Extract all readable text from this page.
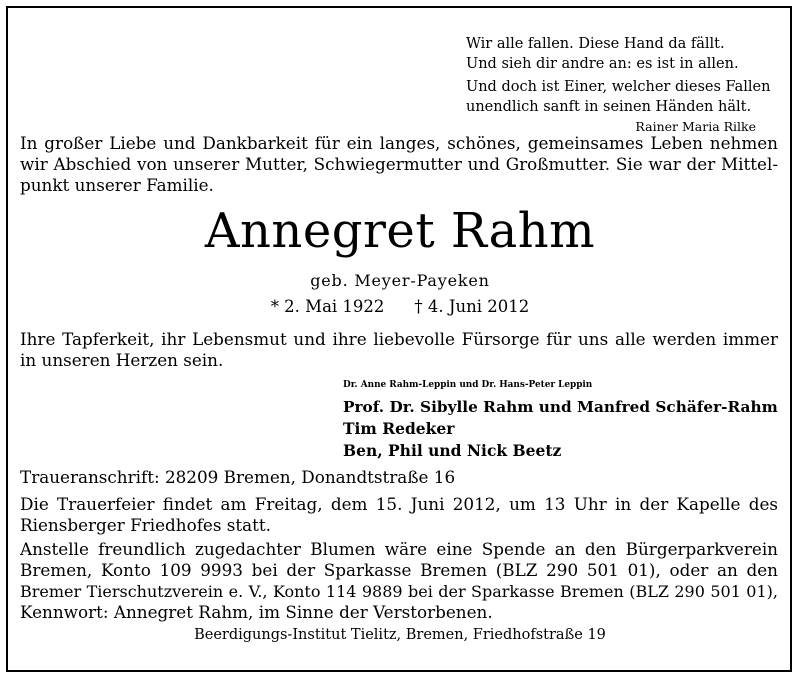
Wir alle fallen. Diese Hand da fällt.
Und sieh dir andre an: es ist in allen.
Und doch ist Einer, welcher dieses Fallen
unendlich sanft in seinen Händen hält.
Rainer Maria Rilke
In großer Liebe und Dankbarkeit für ein langes, schönes, gemeinsames Leben nehmen
wir Abschied von unserer Mutter, Schwiegermutter und Großmutter. Sie war der Mittel-
punkt unserer Familie.
Annegret Rahm
geb. Meyer-Payeken
* 2. Mai 1922 † 4. Juni 2012
Ihre Tapferkeit, ihr Lebensmut und ihre liebevolle Fürsorge für uns alle werden immer
in unseren Herzen sein.
Dr. Anne Rahm-Leppin und Dr. Hans-Peter Leppin
Prof. Dr. Sibylle Rahm und Manfred Schäfer-Rahm
Tim Redeker
Ben, Phil und Nick Beetz
Traueranschrift: 28209 Bremen, Donandtstraße 16
Die Trauerfeier findet am Freitag, dem 15. Juni 2012, um 13 Uhr in der Kapelle des
Riensberger Friedhofes statt.
Anstelle freundlich zugedachter Blumen wäre eine Spende an den Bürgerparkverein
Bremen, Konto 109 9993 bei der Sparkasse Bremen (BLZ 290 501 01), oder an den
Bremer Tierschutzverein e. V., Konto 114 9889 bei der Sparkasse Bremen (BLZ 290 501 01),
Kennwort: Annegret Rahm, im Sinne der Verstorbenen.
Beerdigungs-Institut Tielitz, Bremen, Friedhofstraße 19
